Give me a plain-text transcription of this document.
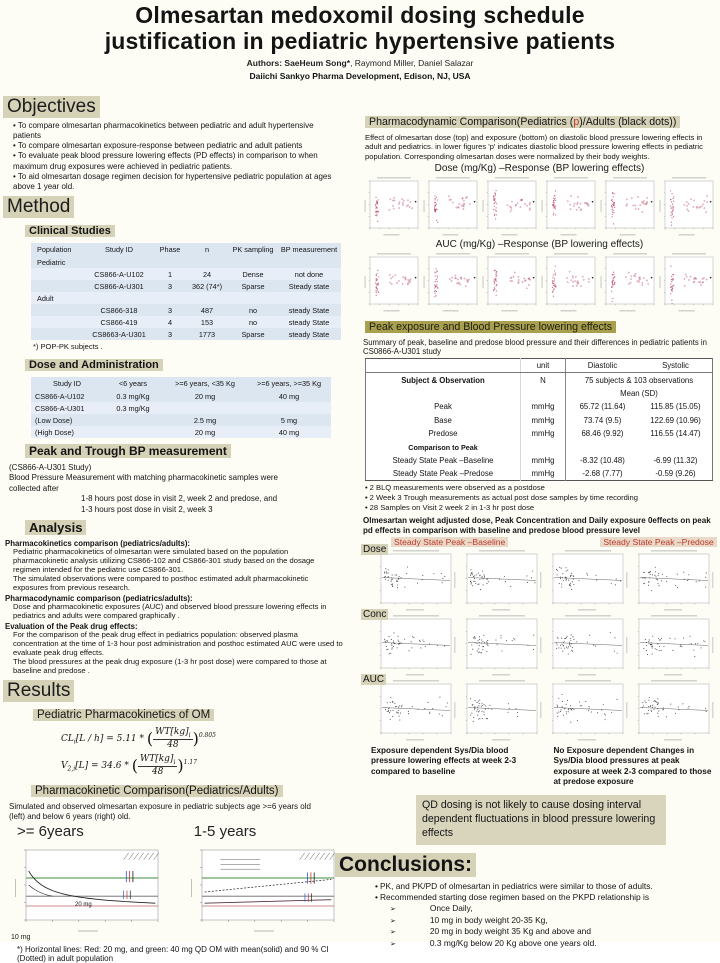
Olmesartan medoxomil dosing schedule
justification in pediatric hypertensive patients
Authors: SaeHeum Song*, Raymond Miller, Daniel Salazar
Daiichi Sankyo Pharma Development, Edison, NJ, USA
Objectives
• To compare olmesartan pharmacokinetics between pediatric and adult hypertensive patients
• To compare olmesartan exposure-response between pediatric and adult patients
• To evaluate peak blood pressure lowering effects (PD effects) in comparison to when maximum drug exposures were achieved in pediatric patients.
• To aid olmesartan dosage regimen decision for hypertensive pediatric population at ages above 1 year old.
Method
Clinical Studies
Population	Study ID	Phase	n	PK sampling	BP measurement
Pediatric					
	CS866-A-U102	1	24	Dense	not done
	CS866-A-U301	3	362 (74*)	Sparse	Steady state
Adult					
	CS866-318	3	487	no	steady State
	CS866-419	4	153	no	steady State
	CS8663-A-U301	3	1773	Sparse	steady State
*) POP-PK subjects .
Dose and Administration
Study ID	<6 years	>=6 years, <35 Kg	>=6 years, >=35 Kg
CS866-A-U102	0.3 mg/Kg	20 mg	40 mg
CS866-A-U301	0.3 mg/Kg		
(Low Dose)		2.5 mg	5 mg
(High Dose)		20 mg	40 mg
Peak and Trough BP measurement
(CS866-A-U301 Study)
Blood Pressure Measurement with matching pharmacokinetic samples were collected after
1-8 hours post dose in visit 2, week 2 and predose, and
1-3 hours post dose in visit 2, week 3
Analysis
Pharmacokinetics comparison (pediatrics/adults):
Pediatric pharmacokinetics of olmesartan were simulated based on the population pharmacokinetic analysis utilizing CS866-102 and CS866-301 study based on the dosage regimen intended for the pediatric use CS866-301.
The simulated observations were compared to posthoc estimated adult pharmacokinetic exposures from previous research.
Pharmacodynamic comparison (pediatrics/adults):
Dose and pharmacokinetic exposures (AUC) and observed blood pressure lowering effects in pediatrics and adults were compared graphically .
Evaluation of the Peak drug effects:
For the comparison of the peak drug effect in pediatrics population: observed plasma concentration at the time of 1-3 hour post administration and posthoc estimated AUC were used to evaluate peak drug effects.
The blood pressures at the peak drug exposure (1-3 hr post dose) were compared to those at baseline and predose .
Results
Pediatric Pharmacokinetics of OM
$CL_i[L / h] = 5.11$ * ( $\frac{WT[kg]_i}{48} )^{0.805}$
$V_{2,i}[L] = 34.6$ * ( $\frac{WT[kg]_i}{48} )^{1.17}$
Pharmacokinetic Comparison(Pediatrics/Adults)
Simulated and observed olmesartan exposure in pediatric subjects age >=6 years old (left) and below 6 years (right) old.
>= 6years	1-5 years
20 mg
10 mg
*) Horizontal lines: Red: 20 mg, and green: 40 mg QD OM with mean(solid) and 90 % CI (Dotted) in adult population
Pharmacodynamic Comparison(Pediatrics (p)/Adults (black dots))
Effect of olmesartan dose (top) and exposure (bottom) on diastolic blood pressure lowering effects in adult and pediatrics. in lower figures 'p' indicates diastolic blood pressure lowering effects in pediatric population. Corresponding olmesartan doses were normalized by their body weights.
Dose (mg/Kg) –Response (BP lowering effects)
AUC (mg/Kg) –Response (BP lowering effects)
Peak exposure and Blood Pressure lowering effects
Summary of peak, baseline and predose blood pressure and their differences in pediatric patients in CS0866-A-U301 study
	unit	Diastolic	Systolic
Subject & Observation	N	75 subjects & 103 observations	
		Mean (SD)	
Peak	mmHg	65.72 (11.64)	115.85 (15.05)
Base	mmHg	73.74 (9.5)	122.69 (10.96)
Predose	mmHg	68.46 (9.92)	116.55 (14.47)
Comparison to Peak			
Steady State Peak –Baseline	mmHg	-8.32 (10.48)	-6.99 (11.32)
Steady State Peak –Predose	mmHg	-2.68 (7.77)	-0.59 (9.26)
• 2 BLQ measurements were observed as a postdose
• 2 Week 3 Trough measurements as actual post dose samples by time recording
• 28 Samples on Visit 2 week 2 in 1-3 hr post dose
Olmesartan weight adjusted dose, Peak Concentration and Daily exposure 0effects on peak pd effects in comparison with baseline and predose blood pressure level
Steady State Peak –Baseline	Steady State Peak –Predose
Dose
Conc
AUC
Exposure dependent Sys/Dia blood pressure lowering effects at week 2-3 compared to baseline
No Exposure dependent Changes in Sys/Dia blood pressures at peak exposure at week 2-3 compared to those at predose exposure
QD dosing is not likely to cause dosing interval dependent fluctuations in blood pressure lowering effects
Conclusions:
• PK, and PK/PD of olmesartan in pediatrics were similar to those of adults.
• Recommended starting dose regimen based on the PKPD relationship is
➢ Once Daily,
➢ 10 mg in body weight 20-35 Kg,
➢ 20 mg in body weight 35 Kg and above and
➢ 0.3 mg/Kg below 20 Kg above one years old.
